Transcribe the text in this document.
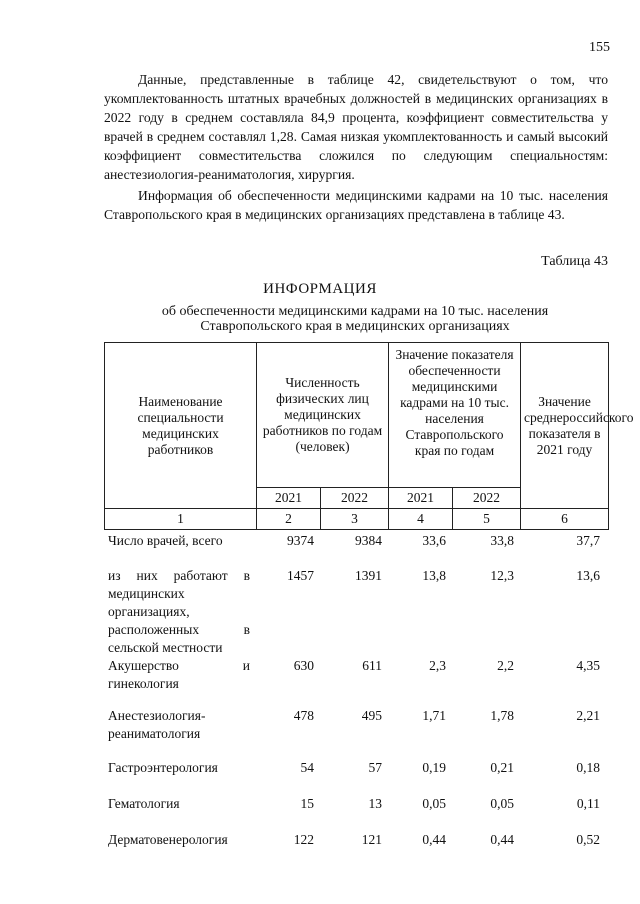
155

Данные, представленные в таблице 42, свидетельствуют о том, что укомплектованность штатных врачебных должностей в медицинских организациях в 2022 году в среднем составляла 84,9 процента, коэффициент совместительства у врачей в среднем составлял 1,28. Самая низкая укомплектованность и самый высокий коэффициент совместительства сложился по следующим специальностям: анестезиология-реаниматология, хирургия.

Информация об обеспеченности медицинскими кадрами на 10 тыс. населения Ставропольского края в медицинских организациях представлена в таблице 43.

Таблица 43
ИНФОРМАЦИЯ
об обеспеченности медицинскими кадрами на 10 тыс. населения Ставропольского края в медицинских организациях
Наименование специальности медицинских работников	Численность физических лиц медицинских работников по годам (человек)		Значение показателя обеспеченности медицинскими кадрами на 10 тыс. населения Ставропольского края по годам		Значение среднероссийского показателя в 2021 году
	2021	2022	2021	2022	
1	2	3	4	5	6
Число врачей, всего	9374	9384	33,6	33,8	37,7
из них работают в медицинских организациях, расположенных в сельской местности	1457	1391	13,8	12,3	13,6
Акушерство и гинекология	630	611	2,3	2,2	4,35
Анестезиология-реаниматология	478	495	1,71	1,78	2,21
Гастроэнтерология	54	57	0,19	0,21	0,18
Гематология	15	13	0,05	0,05	0,11
Дерматовенерология	122	121	0,44	0,44	0,52
